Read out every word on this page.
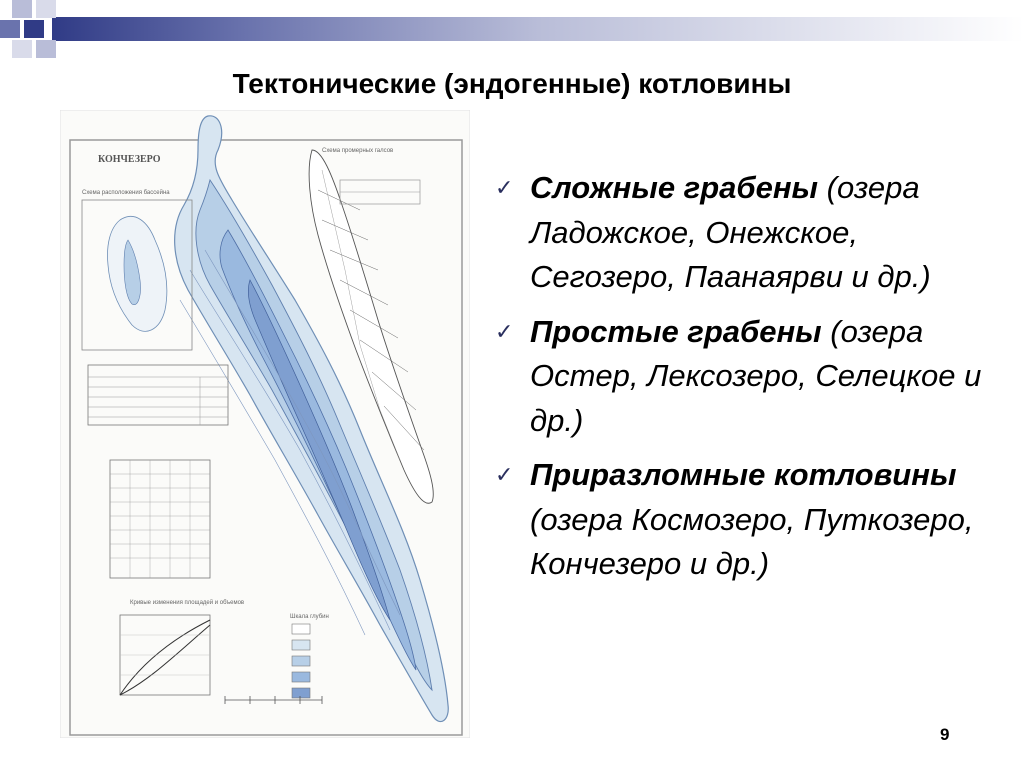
Тектонические (эндогенные) котловины
КОНЧЕЗЕРО
Схема расположения бассейна
Схема промерных галсов
Кривые изменения площадей и объемов
Шкала глубин
✓ Сложные грабены (озера Ладожское, Онежское, Сегозеро, Паанаярви и др.)
✓ Простые грабены (озера Остер, Лексозеро, Селецкое и др.)
✓ Приразломные котловины (озера Космозеро, Путкозеро, Кончезеро и др.)
9
